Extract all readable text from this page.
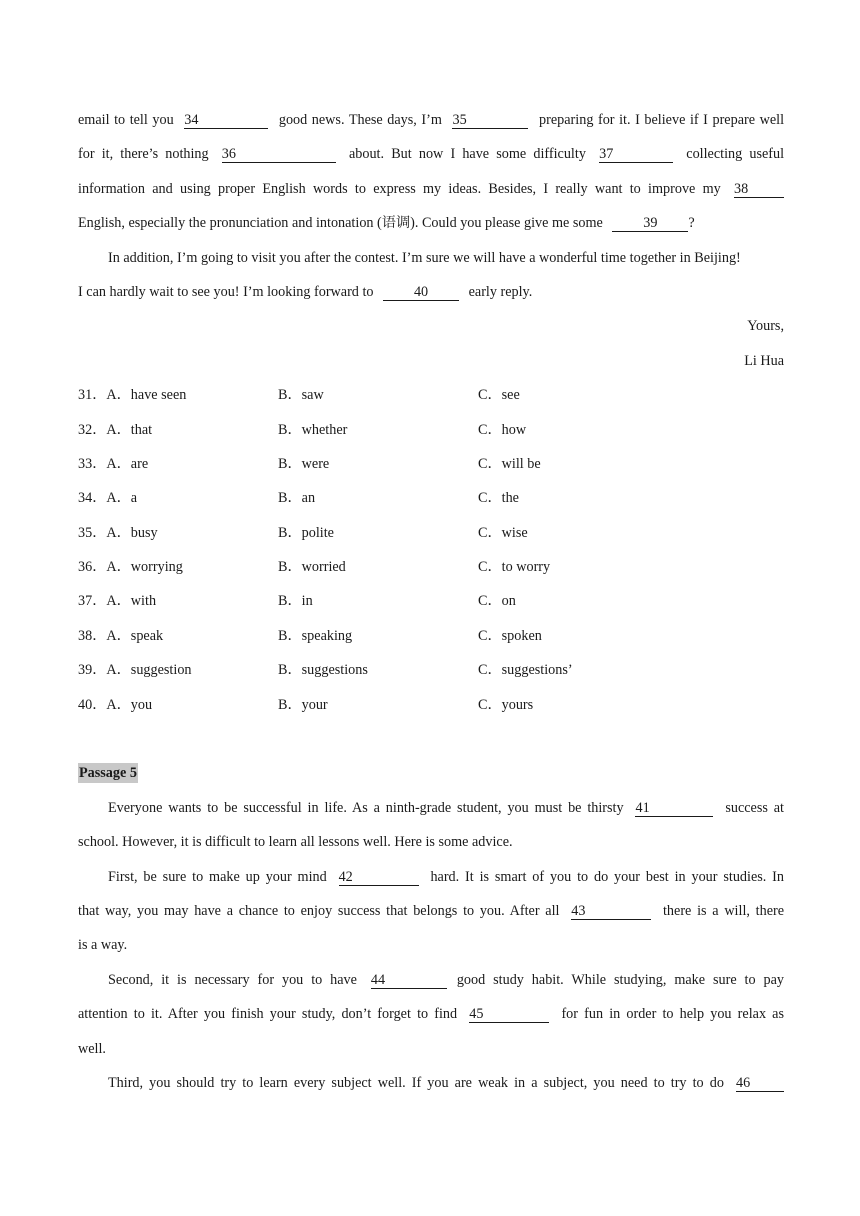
email to tell you 34	good news. These days, I’m 35	preparing for it. I believe if I prepare well
for it, there’s nothing 36	about. But now I have some difficulty 37	collecting useful
information and using proper English words to express my ideas. Besides, I really want to improve my 38
English, especially the pronunciation and intonation (语调). Could you please give me some	39 ?
In addition, I’m going to visit you after the contest. I’m sure we will have a wonderful time together in Beijing!
I can hardly wait to see you! I’m looking forward to	40	early reply.
Yours,
Li Hua
31．A．have seen	B．saw	C．see
32．A．that	B．whether	C．how
33．A．are	B．were	C．will be
34．A．a	B．an	C．the
35．A．busy	B．polite	C．wise
36．A．worrying	B．worried	C．to worry
37．A．with	B．in	C．on
38．A．speak	B．speaking	C．spoken
39．A．suggestion	B．suggestions	C．suggestions’
40．A．you	B．your	C．yours
Passage 5
Everyone wants to be successful in life. As a ninth-grade student, you must be thirsty 41	success at
school. However, it is difficult to learn all lessons well. Here is some advice.
First, be sure to make up your mind 42	hard. It is smart of you to do your best in your studies. In
that way, you may have a chance to enjoy success that belongs to you. After all 43	there is a will, there
is a way.
Second, it is necessary for you to have 44	good study habit. While studying, make sure to pay
attention to it. After you finish your study, don’t forget to find 45	for fun in order to help you relax as
well.
Third, you should try to learn every subject well. If you are weak in a subject, you need to try to do 46
